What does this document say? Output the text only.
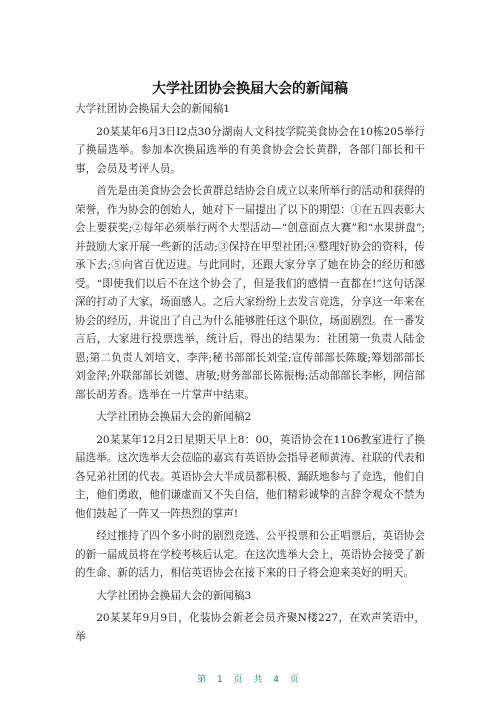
大学社团协会换届大会的新闻稿

大学社团协会换届大会的新闻稿1

20某某年6月3日I2点30分湖南人文科技学院美食协会在10栋205举行了换届选举。参加本次换届选举的有美食协会会长黄群，各部门部长和干事，会员及考评人员。

首先是由美食协会会长黄群总结协会自成立以来所举行的活动和获得的荣誉，作为协会的创始人，她对下一届提出了以下的期望：①在五四表彰大会上要获奖;②每年必须举行两个大型活动—“创意面点大赛”和“水果拼盘”;并鼓励大家开展一些新的活动;③保持在甲型社团;④整理好协会的资料，传承下去;⑤向省百优迈进。与此同时，还跟大家分享了她在协会的经历和感受。“即使我们以后不在这个协会了，但是我们的感情一直都在!”这句话深深的打动了大家，场面感人。之后大家纷纷上去发言竞选，分享这一年来在协会的经历，并说出了自己为什么能够胜任这个职位，场面剧烈。在一番发言后，大家进行投票选举，统计后，得出的结果为：社团第一负责人陆金恩;第二负责人刘培文、李萍;秘书部部长刘莹;宣传部部长陈璇;筹划部部长刘金萍;外联部部长刘德、唐敏;财务部部长陈振梅;活动部部长李彬，网信部部长胡芳香。选举在一片掌声中结束。

大学社团协会换届大会的新闻稿2

20某某年12月2日星期天早上8：00，英语协会在1106教室进行了换届选举。这次选举大会莅临的嘉宾有英语协会指导老师黄涛、社联的代表和各兄弟社团的代表。英语协会大半成员都积极、踊跃地参与了竞选，他们自主，他们勇敢，他们谦虚而又不失自信，他们精彩诚挚的言辞令观众不禁为他们鼓起了一阵又一阵热烈的掌声!

经过推持了四个多小时的剧烈竞选、公平投票和公正唱票后，英语协会的新一届成员将在学校考核后认定。在这次选举大会上，英语协会接受了新的生命、新的活力，相信英语协会在接下来的日子将会迎来美好的明天。

大学社团协会换届大会的新闻稿3

20某某年9月9日，化装协会新老会员齐聚N楼227，在欢声笑语中，举

第 1 页 共 4 页
